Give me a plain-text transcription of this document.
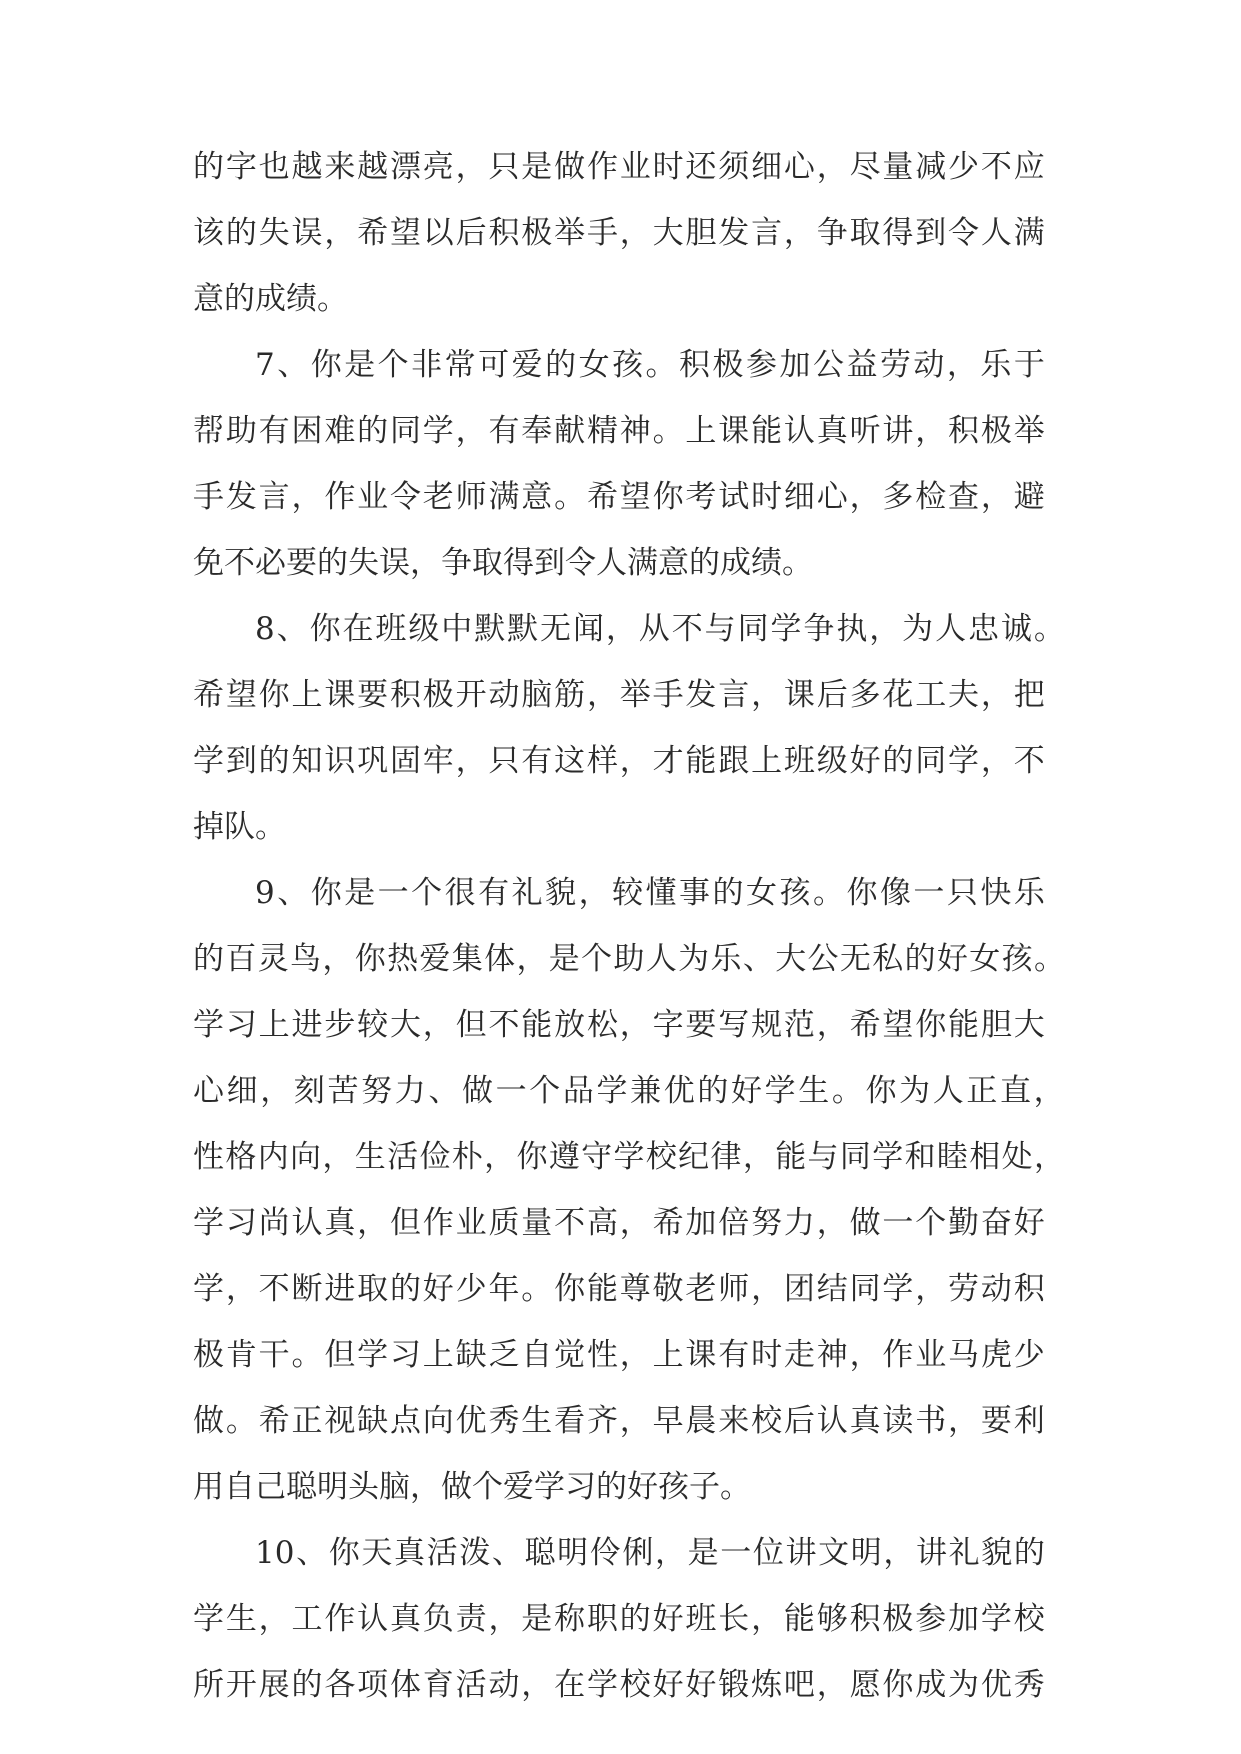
的 字 也 越 来 越 漂 亮 ， 只 是 做 作 业 时 还 须 细 心 ， 尽 量 减 少 不 应
该 的 失 误 ， 希 望 以 后 积 极 举 手 ， 大 胆 发 言 ， 争 取 得 到 令 人 满
意的成绩。
7 、 你 是 个 非 常 可 爱 的 女 孩 。 积 极 参 加 公 益 劳 动 ， 乐 于
帮 助 有 困 难 的 同 学 ， 有 奉 献 精 神 。 上 课 能 认 真 听 讲 ， 积 极 举
手 发 言 ， 作 业 令 老 师 满 意 。 希 望 你 考 试 时 细 心 ， 多 检 查 ， 避
免不必要的失误，争取得到令人满意的成绩。
8 、 你 在 班 级 中 默 默 无 闻 ， 从 不 与 同 学 争 执 ， 为 人 忠 诚 。
希 望 你 上 课 要 积 极 开 动 脑 筋 ， 举 手 发 言 ， 课 后 多 花 工 夫 ， 把
学 到 的 知 识 巩 固 牢 ， 只 有 这 样 ， 才 能 跟 上 班 级 好 的 同 学 ， 不
掉队。
9 、 你 是 一 个 很 有 礼 貌 ， 较 懂 事 的 女 孩 。 你 像 一 只 快 乐
的 百 灵 鸟 ， 你 热 爱 集 体 ， 是 个 助 人 为 乐 、 大 公 无 私 的 好 女 孩 。
学 习 上 进 步 较 大 ， 但 不 能 放 松 ， 字 要 写 规 范 ， 希 望 你 能 胆 大
心 细 ， 刻 苦 努 力 、 做 一 个 品 学 兼 优 的 好 学 生 。 你 为 人 正 直 ，
性 格 内 向 ， 生 活 俭 朴 ， 你 遵 守 学 校 纪 律 ， 能 与 同 学 和 睦 相 处 ，
学 习 尚 认 真 ， 但 作 业 质 量 不 高 ， 希 加 倍 努 力 ， 做 一 个 勤 奋 好
学 ， 不 断 进 取 的 好 少 年 。 你 能 尊 敬 老 师 ， 团 结 同 学 ， 劳 动 积
极 肯 干 。 但 学 习 上 缺 乏 自 觉 性 ， 上 课 有 时 走 神 ， 作 业 马 虎 少
做 。 希 正 视 缺 点 向 优 秀 生 看 齐 ， 早 晨 来 校 后 认 真 读 书 ， 要 利
用自己聪明头脑，做个爱学习的好孩子。
10 、 你 天 真 活 泼 、 聪 明 伶 俐 ， 是 一 位 讲 文 明 ， 讲 礼 貌 的
学 生 ， 工 作 认 真 负 责 ， 是 称 职 的 好 班 长 ， 能 够 积 极 参 加 学 校
所 开 展 的 各 项 体 育 活 动 ， 在 学 校 好 好 锻 炼 吧 ， 愿 你 成 为 优 秀
